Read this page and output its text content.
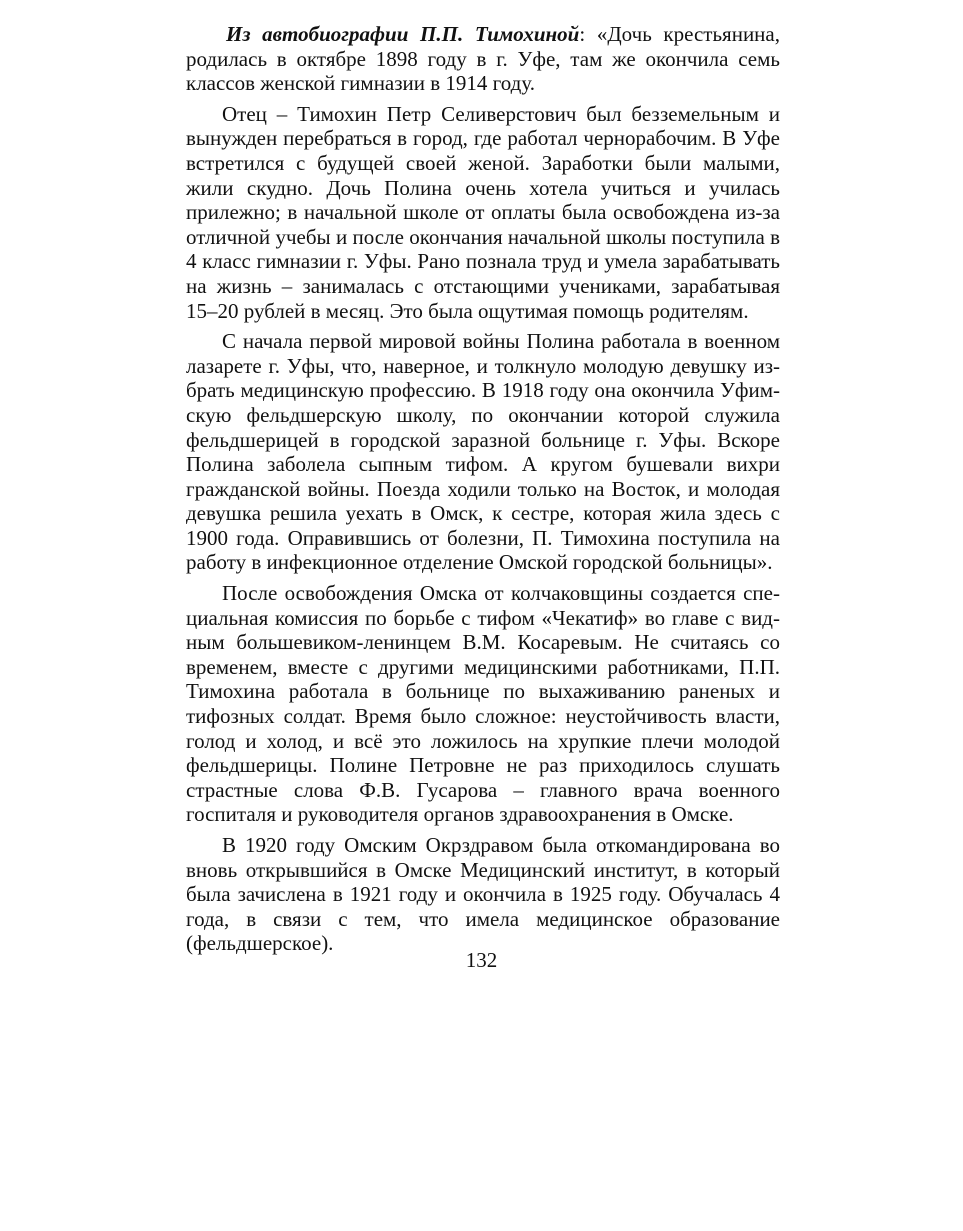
Из автобиографии П.П. Тимохиной: «Дочь крестьянина, родилась в октябре 1898 году в г. Уфе, там же окончила семь классов женской гимназии в 1914 году.

Отец – Тимохин Петр Селиверстович был безземельным и вынужден перебраться в город, где работал чернорабочим. В Уфе встретился с будущей своей женой. Заработки были малыми, жили скудно. Дочь Полина очень хотела учиться и училась прилежно; в начальной школе от оплаты была освобождена из-за отличной учебы и после окончания начальной школы поступила в 4 класс гимназии г. Уфы. Рано познала труд и умела зарабатывать на жизнь – занималась с отстающими учениками, зарабатывая 15–20 рублей в месяц. Это была ощутимая помощь родителям.

С начала первой мировой войны Полина работала в военном лазарете г. Уфы, что, наверное, и толкнуло молодую девушку избрать медицинскую профессию. В 1918 году она окончила Уфимскую фельдшерскую школу, по окончании которой служила фельдшерицей в городской заразной больнице г. Уфы. Вскоре Полина заболела сыпным тифом. А кругом бушевали вихри гражданской войны. Поезда ходили только на Восток, и молодая девушка решила уехать в Омск, к сестре, которая жила здесь с 1900 года. Оправившись от болезни, П. Тимохина поступила на работу в инфекционное отделение Омской городской больницы».

После освобождения Омска от колчаковщины создается специальная комиссия по борьбе с тифом «Чекатиф» во главе с видным большевиком-ленинцем В.М. Косаревым. Не считаясь со временем, вместе с другими медицинскими работниками, П.П. Тимохина работала в больнице по выхаживанию раненых и тифозных солдат. Время было сложное: неустойчивость власти, голод и холод, и всё это ложилось на хрупкие плечи молодой фельдшерицы. Полине Петровне не раз приходилось слушать страстные слова Ф.В. Гусарова – главного врача военного госпиталя и руководителя органов здравоохранения в Омске.

В 1920 году Омским Окрздравом была откомандирована во вновь открывшийся в Омске Медицинский институт, в который была зачислена в 1921 году и окончила в 1925 году. Обучалась 4 года, в связи с тем, что имела медицинское образование (фельдшерское).

132
